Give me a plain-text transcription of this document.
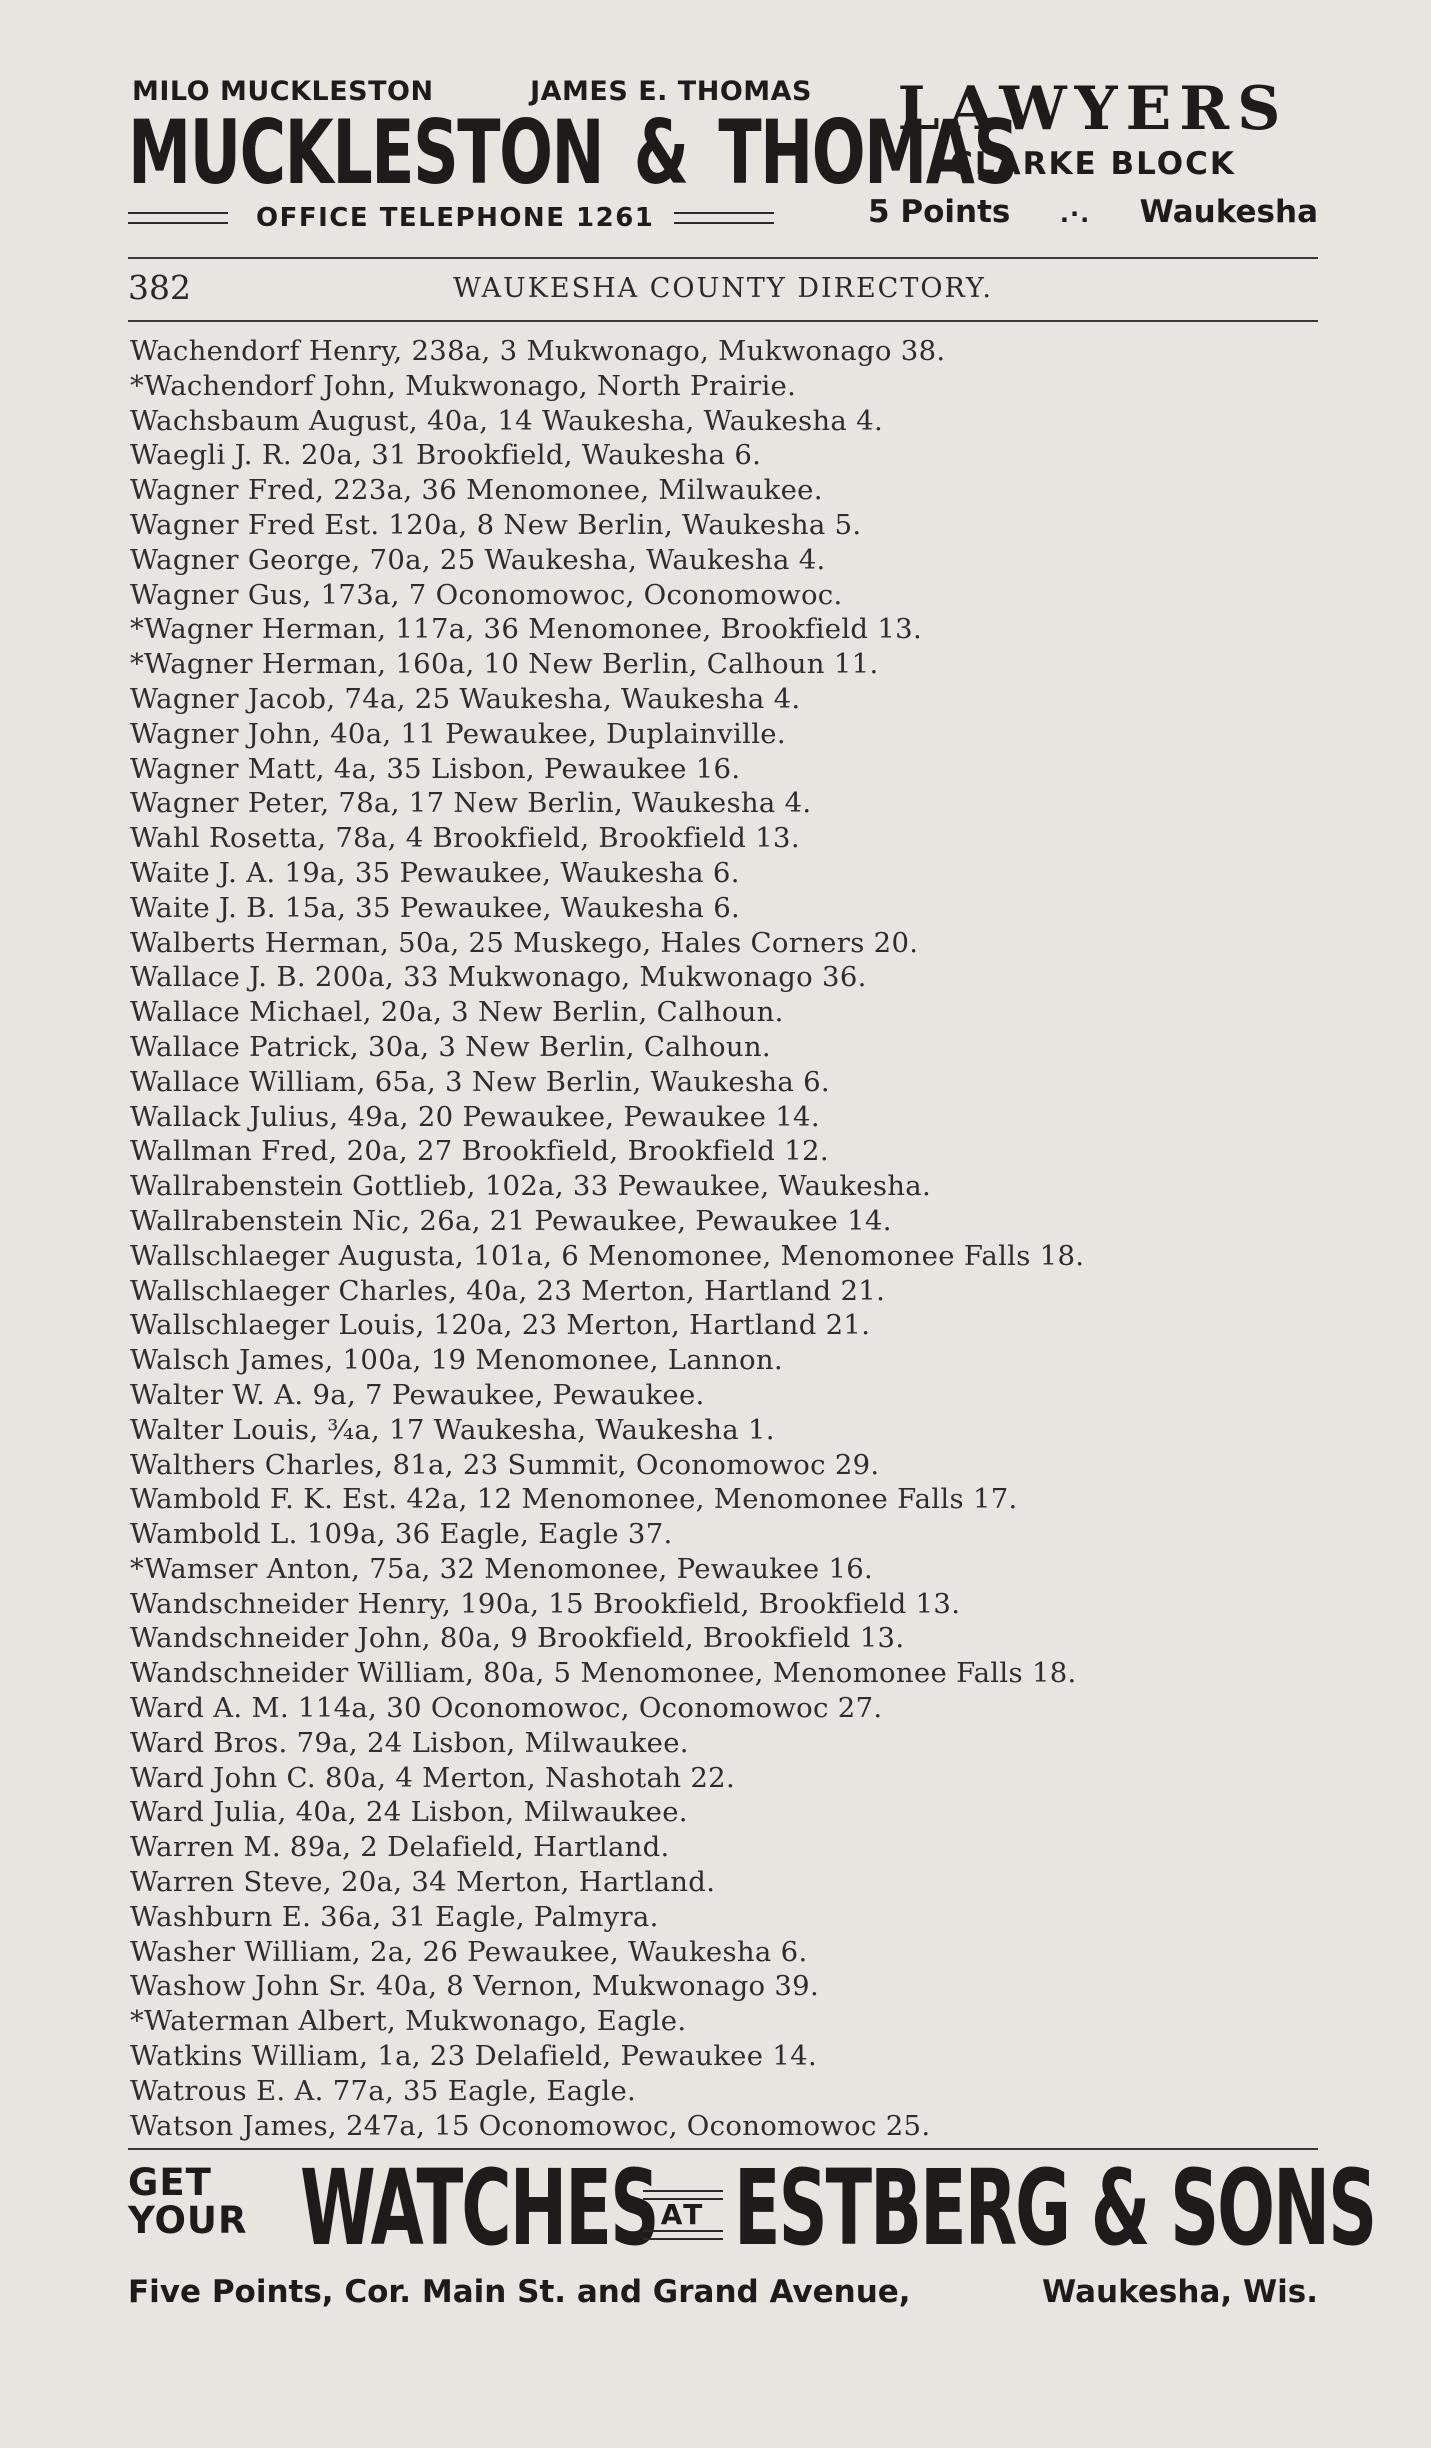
MILO MUCKLESTON	JAMES E. THOMAS
MUCKLESTON & THOMAS
OFFICE TELEPHONE 1261
LAWYERS
CLARKE BLOCK
5 Points .·. Waukesha
382	WAUKESHA COUNTY DIRECTORY.
Wachendorf Henry, 238a, 3 Mukwonago, Mukwonago 38.
*Wachendorf John, Mukwonago, North Prairie.
Wachsbaum August, 40a, 14 Waukesha, Waukesha 4.
Waegli J. R. 20a, 31 Brookfield, Waukesha 6.
Wagner Fred, 223a, 36 Menomonee, Milwaukee.
Wagner Fred Est. 120a, 8 New Berlin, Waukesha 5.
Wagner George, 70a, 25 Waukesha, Waukesha 4.
Wagner Gus, 173a, 7 Oconomowoc, Oconomowoc.
*Wagner Herman, 117a, 36 Menomonee, Brookfield 13.
*Wagner Herman, 160a, 10 New Berlin, Calhoun 11.
Wagner Jacob, 74a, 25 Waukesha, Waukesha 4.
Wagner John, 40a, 11 Pewaukee, Duplainville.
Wagner Matt, 4a, 35 Lisbon, Pewaukee 16.
Wagner Peter, 78a, 17 New Berlin, Waukesha 4.
Wahl Rosetta, 78a, 4 Brookfield, Brookfield 13.
Waite J. A. 19a, 35 Pewaukee, Waukesha 6.
Waite J. B. 15a, 35 Pewaukee, Waukesha 6.
Walberts Herman, 50a, 25 Muskego, Hales Corners 20.
Wallace J. B. 200a, 33 Mukwonago, Mukwonago 36.
Wallace Michael, 20a, 3 New Berlin, Calhoun.
Wallace Patrick, 30a, 3 New Berlin, Calhoun.
Wallace William, 65a, 3 New Berlin, Waukesha 6.
Wallack Julius, 49a, 20 Pewaukee, Pewaukee 14.
Wallman Fred, 20a, 27 Brookfield, Brookfield 12.
Wallrabenstein Gottlieb, 102a, 33 Pewaukee, Waukesha.
Wallrabenstein Nic, 26a, 21 Pewaukee, Pewaukee 14.
Wallschlaeger Augusta, 101a, 6 Menomonee, Menomonee Falls 18.
Wallschlaeger Charles, 40a, 23 Merton, Hartland 21.
Wallschlaeger Louis, 120a, 23 Merton, Hartland 21.
Walsch James, 100a, 19 Menomonee, Lannon.
Walter W. A. 9a, 7 Pewaukee, Pewaukee.
Walter Louis, ¾a, 17 Waukesha, Waukesha 1.
Walthers Charles, 81a, 23 Summit, Oconomowoc 29.
Wambold F. K. Est. 42a, 12 Menomonee, Menomonee Falls 17.
Wambold L. 109a, 36 Eagle, Eagle 37.
*Wamser Anton, 75a, 32 Menomonee, Pewaukee 16.
Wandschneider Henry, 190a, 15 Brookfield, Brookfield 13.
Wandschneider John, 80a, 9 Brookfield, Brookfield 13.
Wandschneider William, 80a, 5 Menomonee, Menomonee Falls 18.
Ward A. M. 114a, 30 Oconomowoc, Oconomowoc 27.
Ward Bros. 79a, 24 Lisbon, Milwaukee.
Ward John C. 80a, 4 Merton, Nashotah 22.
Ward Julia, 40a, 24 Lisbon, Milwaukee.
Warren M. 89a, 2 Delafield, Hartland.
Warren Steve, 20a, 34 Merton, Hartland.
Washburn E. 36a, 31 Eagle, Palmyra.
Washer William, 2a, 26 Pewaukee, Waukesha 6.
Washow John Sr. 40a, 8 Vernon, Mukwonago 39.
*Waterman Albert, Mukwonago, Eagle.
Watkins William, 1a, 23 Delafield, Pewaukee 14.
Watrous E. A. 77a, 35 Eagle, Eagle.
Watson James, 247a, 15 Oconomowoc, Oconomowoc 25.
GET
YOUR WATCHES AT ESTBERG & SONS
Five Points, Cor. Main St. and Grand Avenue,	Waukesha, Wis.
